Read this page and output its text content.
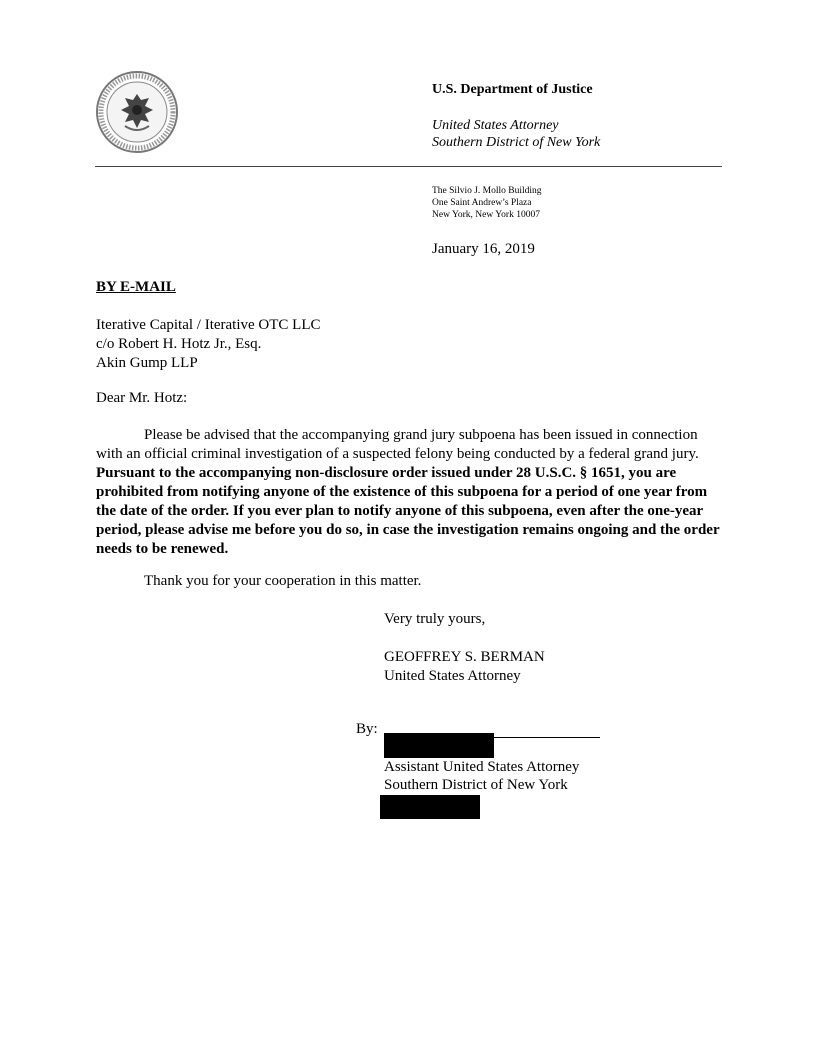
U.S. Department of Justice
United States Attorney
Southern District of New York
The Silvio J. Mollo Building
One Saint Andrew’s Plaza
New York, New York 10007
January 16, 2019
BY E-MAIL
Iterative Capital / Iterative OTC LLC
c/o Robert H. Hotz Jr., Esq.
Akin Gump LLP
Dear Mr. Hotz:
Please be advised that the accompanying grand jury subpoena has been issued in connection with an official criminal investigation of a suspected felony being conducted by a federal grand jury. Pursuant to the accompanying non-disclosure order issued under 28 U.S.C. § 1651, you are prohibited from notifying anyone of the existence of this subpoena for a period of one year from the date of the order. If you ever plan to notify anyone of this subpoena, even after the one-year period, please advise me before you do so, in case the investigation remains ongoing and the order needs to be renewed.
Thank you for your cooperation in this matter.
Very truly yours,
GEOFFREY S. BERMAN
United States Attorney
By:
Assistant United States Attorney
Southern District of New York
